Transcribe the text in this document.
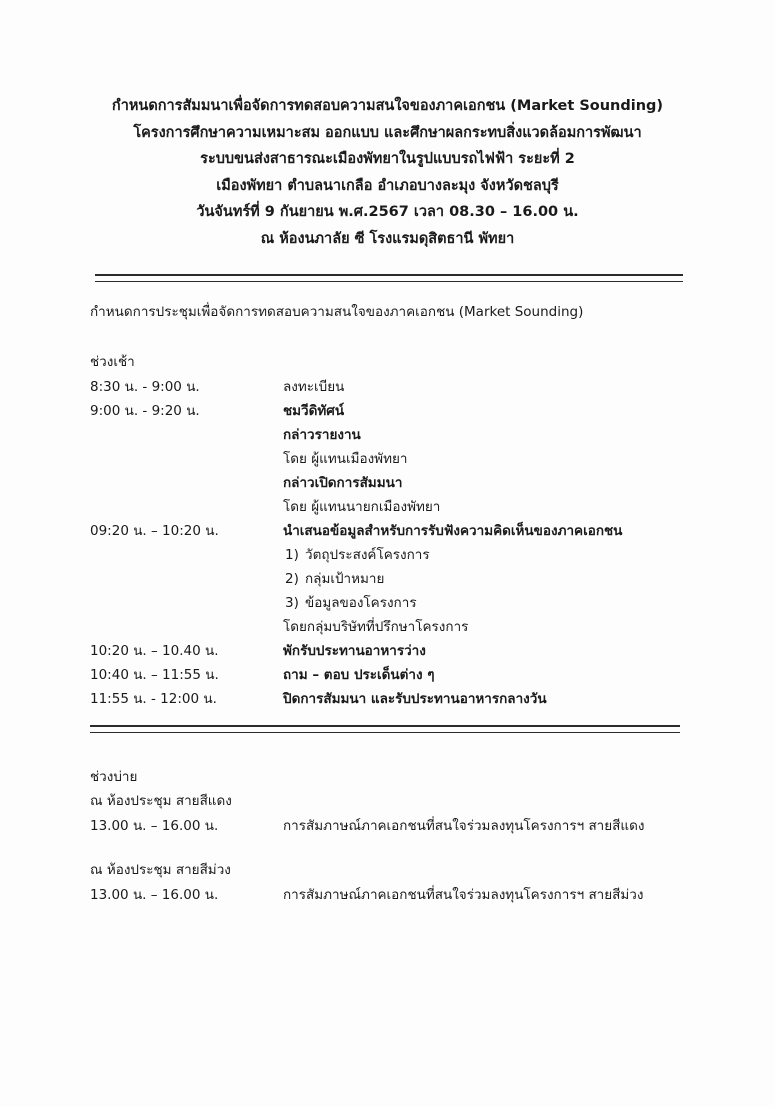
กำหนดการสัมมนาเพื่อจัดการทดสอบความสนใจของภาคเอกชน (Market Sounding)
โครงการศึกษาความเหมาะสม ออกแบบ และศึกษาผลกระทบสิ่งแวดล้อมการพัฒนา
ระบบขนส่งสาธารณะเมืองพัทยาในรูปแบบรถไฟฟ้า ระยะที่ 2
เมืองพัทยา ตำบลนาเกลือ อำเภอบางละมุง จังหวัดชลบุรี
วันจันทร์ที่ 9 กันยายน พ.ศ.2567 เวลา 08.30 – 16.00 น.
ณ ห้องนภาลัย ซี โรงแรมดุสิตธานี พัทยา
กำหนดการประชุมเพื่อจัดการทดสอบความสนใจของภาคเอกชน (Market Sounding)
ช่วงเช้า
8:30 น. - 9:00 น.	ลงทะเบียน
9:00 น. - 9:20 น.	ชมวีดิทัศน์
กล่าวรายงาน
โดย ผู้แทนเมืองพัทยา
กล่าวเปิดการสัมมนา
โดย ผู้แทนนายกเมืองพัทยา
09:20 น. – 10:20 น.	นำเสนอข้อมูลสำหรับการรับฟังความคิดเห็นของภาคเอกชน
1) วัตถุประสงค์โครงการ
2) กลุ่มเป้าหมาย
3) ข้อมูลของโครงการ
โดยกลุ่มบริษัทที่ปรึกษาโครงการ
10:20 น. – 10.40 น.	พักรับประทานอาหารว่าง
10:40 น. – 11:55 น.	ถาม – ตอบ ประเด็นต่าง ๆ
11:55 น. - 12:00 น.	ปิดการสัมมนา และรับประทานอาหารกลางวัน
ช่วงบ่าย
ณ ห้องประชุม สายสีแดง
13.00 น. – 16.00 น.	การสัมภาษณ์ภาคเอกชนที่สนใจร่วมลงทุนโครงการฯ สายสีแดง
ณ ห้องประชุม สายสีม่วง
13.00 น. – 16.00 น.	การสัมภาษณ์ภาคเอกชนที่สนใจร่วมลงทุนโครงการฯ สายสีม่วง
